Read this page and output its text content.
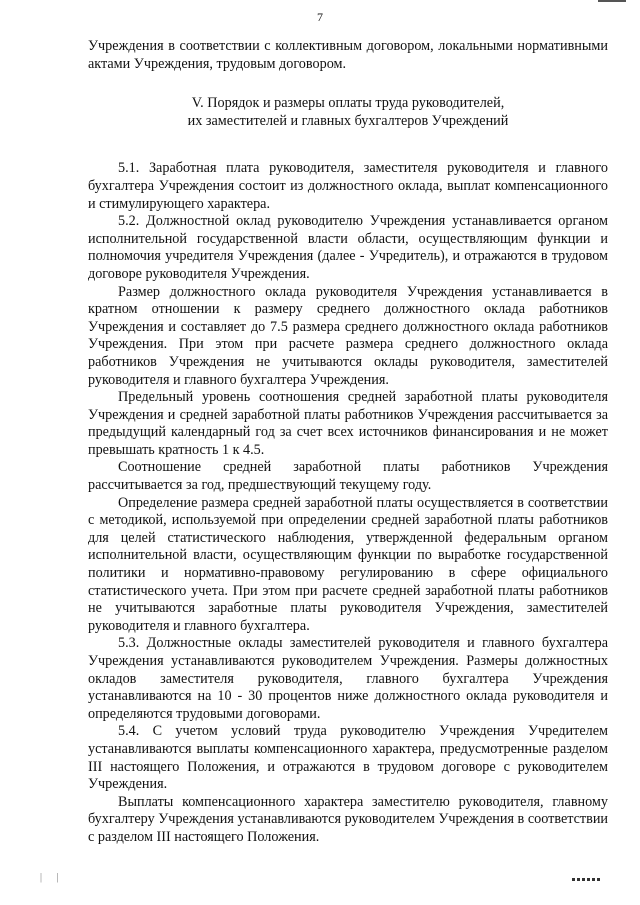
7

Учреждения в соответствии с коллективным договором, локальными нормативными актами Учреждения, трудовым договором.

V. Порядок и размеры оплаты труда руководителей,
их заместителей и главных бухгалтеров Учреждений

5.1. Заработная плата руководителя, заместителя руководителя и главного бухгалтера Учреждения состоит из должностного оклада, выплат компенсационного и стимулирующего характера.

5.2. Должностной оклад руководителю Учреждения устанавливается органом исполнительной государственной власти области, осуществляющим функции и полномочия учредителя Учреждения (далее - Учредитель), и отражаются в трудовом договоре руководителя Учреждения.

Размер должностного оклада руководителя Учреждения устанавливается в кратном отношении к размеру среднего должностного оклада работников Учреждения и составляет до 7.5 размера среднего должностного оклада работников Учреждения. При этом при расчете размера среднего должностного оклада работников Учреждения не учитываются оклады руководителя, заместителей руководителя и главного бухгалтера Учреждения.

Предельный уровень соотношения средней заработной платы руководителя Учреждения и средней заработной платы работников Учреждения рассчитывается за предыдущий календарный год за счет всех источников финансирования и не может превышать кратность 1 к 4.5.

Соотношение средней заработной платы работников Учреждения рассчитывается за год, предшествующий текущему году.

Определение размера средней заработной платы осуществляется в соответствии с методикой, используемой при определении средней заработной платы работников для целей статистического наблюдения, утвержденной федеральным органом исполнительной власти, осуществляющим функции по выработке государственной политики и нормативно-правовому регулированию в сфере официального статистического учета. При этом при расчете средней заработной платы работников не учитываются заработные платы руководителя Учреждения, заместителей руководителя и главного бухгалтера.

5.3. Должностные оклады заместителей руководителя и главного бухгалтера Учреждения устанавливаются руководителем Учреждения. Размеры должностных окладов заместителя руководителя, главного бухгалтера Учреждения устанавливаются на 10 - 30 процентов ниже должностного оклада руководителя и определяются трудовыми договорами.

5.4. С учетом условий труда руководителю Учреждения Учредителем устанавливаются выплаты компенсационного характера, предусмотренные разделом III настоящего Положения, и отражаются в трудовом договоре с руководителем Учреждения.

Выплаты компенсационного характера заместителю руководителя, главному бухгалтеру Учреждения устанавливаются руководителем Учреждения в соответствии с разделом III настоящего Положения.

| |
